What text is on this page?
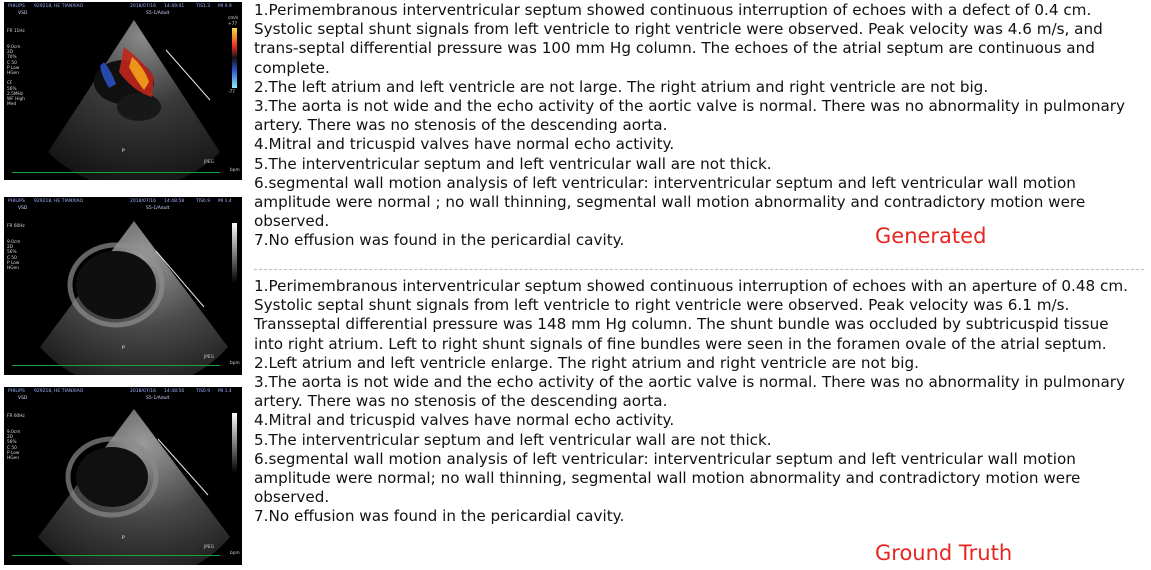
P
PHILIPS 929218, HE TIANXIAO	2018/07/16 14:49:01	TIS1.3 MI 0.9
VSD	S5-1/Adult

FR 11Hz

9.0cm
2D
70%
C 50
P Low
HGen

CF
56%
2.5MHz
WF High
Med

+77
-77
cm/s
JPEG
bpm
P
PHILIPS 929218, HE TIANXIAO	2018/07/16 14:48:58	TIS0.9 MI 1.4
VSD	S5-1/Adult

FR 60Hz

9.0cm
2D
56%
C 50
P Low
HGen

JPEG
bpm
P
PHILIPS 929218, HE TIANXIAO	2018/07/16 14:48:56	TIS0.9 MI 1.4
VSD	S5-1/Adult

FR 60Hz

9.0cm
2D
56%
C 50
P Low
HGen

JPEG
bpm

1.Perimembranous interventricular septum showed continuous interruption of echoes with a defect of 0.4 cm. Systolic septal shunt signals from left ventricle to right ventricle were observed. Peak velocity was 4.6 m/s, and trans-septal differential pressure was 100 mm Hg column. The echoes of the atrial septum are continuous and complete.

2.The left atrium and left ventricle are not large. The right atrium and right ventricle are not big.

3.The aorta is not wide and the echo activity of the aortic valve is normal. There was no abnormality in pulmonary artery. There was no stenosis of the descending aorta.

4.Mitral and tricuspid valves have normal echo activity.

5.The interventricular septum and left ventricular wall are not thick.

6.segmental wall motion analysis of left ventricular: interventricular septum and left ventricular wall motion amplitude were normal ; no wall thinning, segmental wall motion abnormality and contradictory motion were observed.

7.No effusion was found in the pericardial cavity.	Generated

1.Perimembranous interventricular septum showed continuous interruption of echoes with an aperture of 0.48 cm. Systolic septal shunt signals from left ventricle to right ventricle were observed. Peak velocity was 6.1 m/s. Transseptal differential pressure was 148 mm Hg column. The shunt bundle was occluded by subtricuspid tissue into right atrium. Left to right shunt signals of fine bundles were seen in the foramen ovale of the atrial septum.

2.Left atrium and left ventricle enlarge. The right atrium and right ventricle are not big.

3.The aorta is not wide and the echo activity of the aortic valve is normal. There was no abnormality in pulmonary artery. There was no stenosis of the descending aorta.

4.Mitral and tricuspid valves have normal echo activity.

5.The interventricular septum and left ventricular wall are not thick.

6.segmental wall motion analysis of left ventricular: interventricular septum and left ventricular wall motion amplitude were normal; no wall thinning, segmental wall motion abnormality and contradictory motion were observed.

7.No effusion was found in the pericardial cavity.

Ground Truth
